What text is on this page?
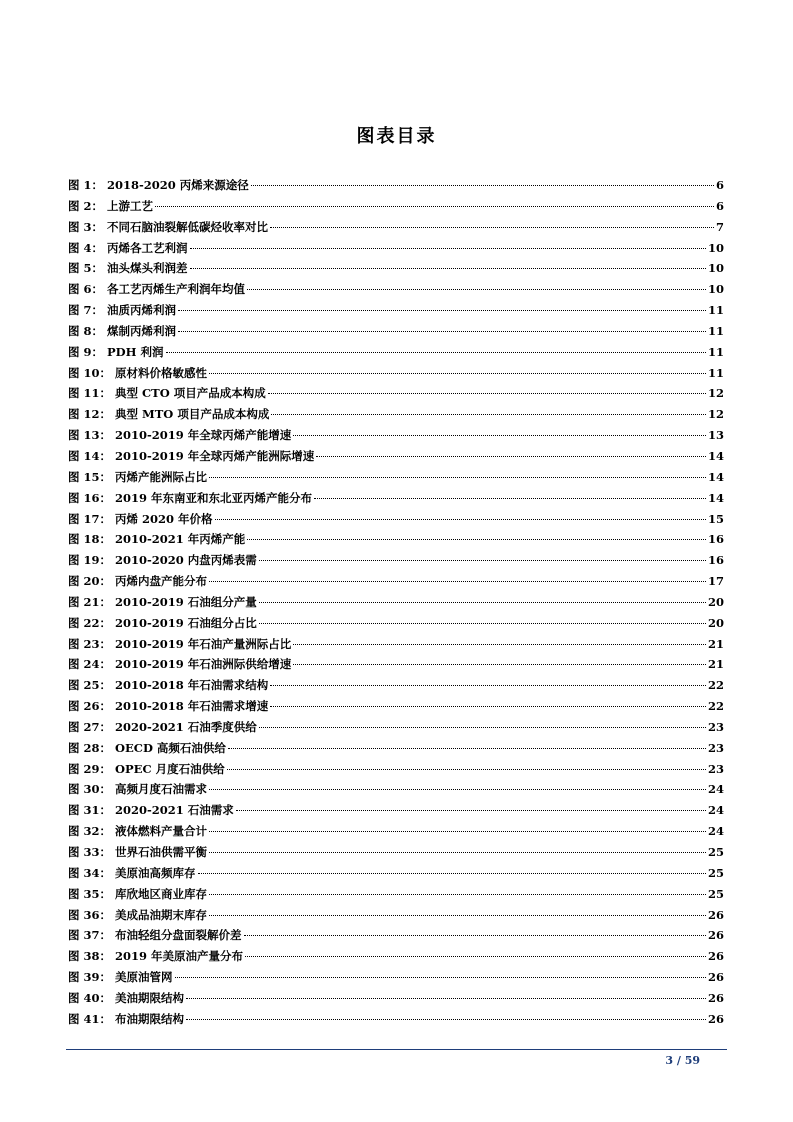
图表目录
图 1： 2018-2020 丙烯来源途径	6
图 2： 上游工艺	6
图 3： 不同石脑油裂解低碳烃收率对比	7
图 4： 丙烯各工艺利润	10
图 5： 油头煤头利润差	10
图 6： 各工艺丙烯生产利润年均值	10
图 7： 油质丙烯利润	11
图 8： 煤制丙烯利润	11
图 9： PDH 利润	11
图 10： 原材料价格敏感性	11
图 11： 典型 CTO 项目产品成本构成	12
图 12： 典型 MTO 项目产品成本构成	12
图 13： 2010-2019 年全球丙烯产能增速	13
图 14： 2010-2019 年全球丙烯产能洲际增速	14
图 15： 丙烯产能洲际占比	14
图 16： 2019 年东南亚和东北亚丙烯产能分布	14
图 17： 丙烯 2020 年价格	15
图 18： 2010-2021 年丙烯产能	16
图 19： 2010-2020 内盘丙烯表需	16
图 20： 丙烯内盘产能分布	17
图 21： 2010-2019 石油组分产量	20
图 22： 2010-2019 石油组分占比	20
图 23： 2010-2019 年石油产量洲际占比	21
图 24： 2010-2019 年石油洲际供给增速	21
图 25： 2010-2018 年石油需求结构	22
图 26： 2010-2018 年石油需求增速	22
图 27： 2020-2021 石油季度供给	23
图 28： OECD 高频石油供给	23
图 29： OPEC 月度石油供给	23
图 30： 高频月度石油需求	24
图 31： 2020-2021 石油需求	24
图 32： 液体燃料产量合计	24
图 33： 世界石油供需平衡	25
图 34： 美原油高频库存	25
图 35： 库欣地区商业库存	25
图 36： 美成品油期末库存	26
图 37： 布油轻组分盘面裂解价差	26
图 38： 2019 年美原油产量分布	26
图 39： 美原油管网	26
图 40： 美油期限结构	26
图 41： 布油期限结构	26
3 / 59
